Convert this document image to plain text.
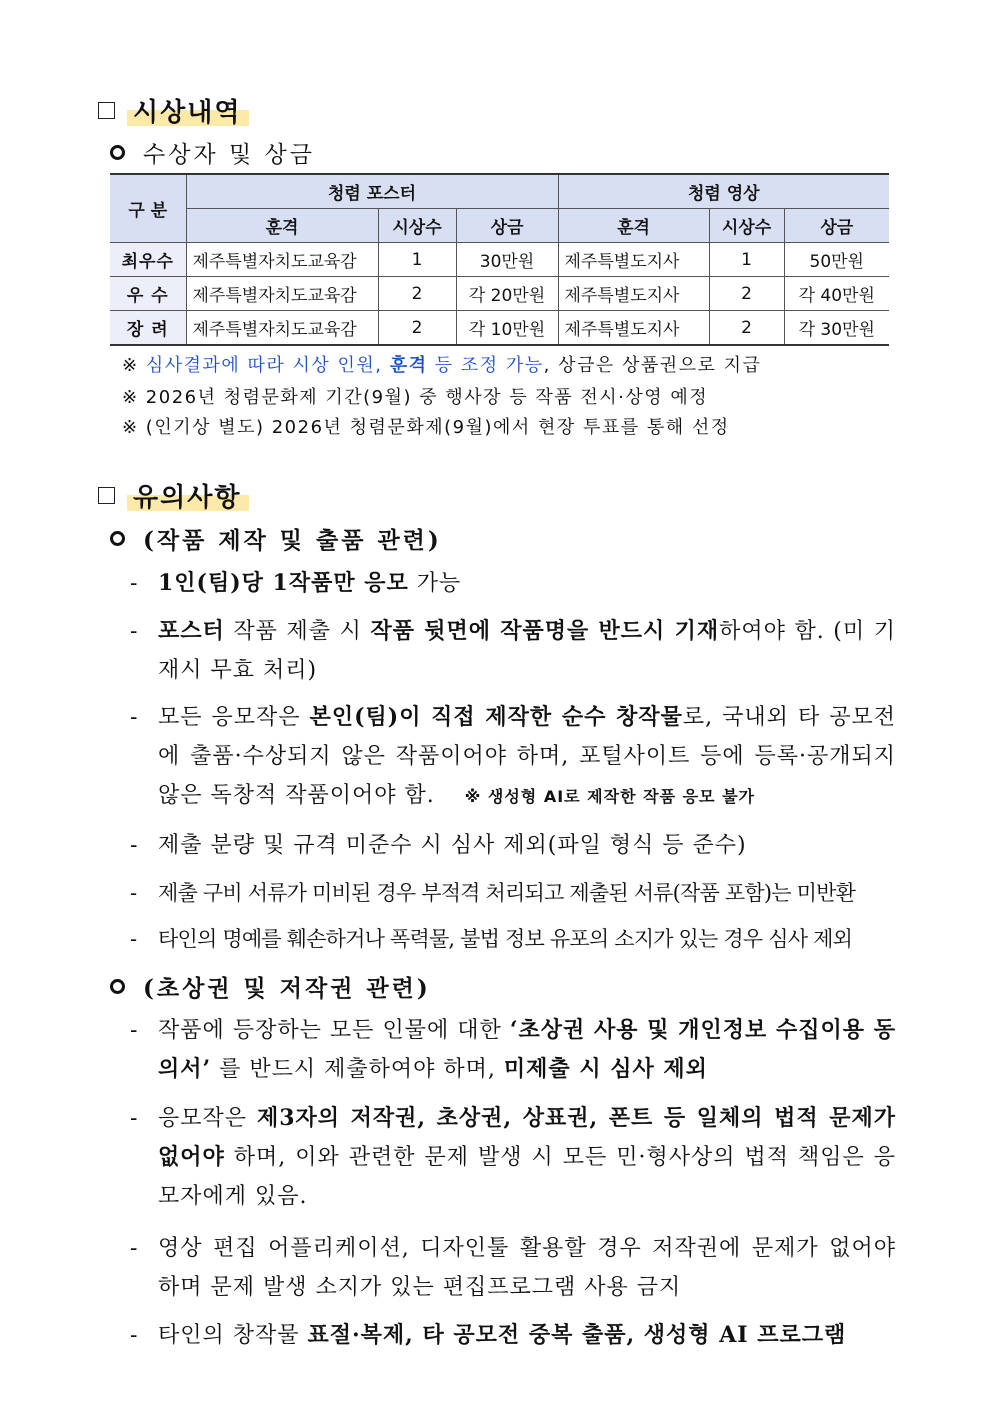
시상내역
수상자 및 상금
구 분	청렴 포스터			청렴 영상		
	훈격	시상수	상금	훈격	시상수	상금
최우수	제주특별자치도교육감	1	30만원	제주특별도지사	1	50만원
우 수	제주특별자치도교육감	2	각 20만원	제주특별도지사	2	각 40만원
장 려	제주특별자치도교육감	2	각 10만원	제주특별도지사	2	각 30만원
※ 심사결과에 따라 시상 인원, 훈격 등 조정 가능, 상금은 상품권으로 지급
※ 2026년 청렴문화제 기간(9월) 중 행사장 등 작품 전시·상영 예정
※ (인기상 별도) 2026년 청렴문화제(9월)에서 현장 투표를 통해 선정
유의사항
(작품 제작 및 출품 관련)
- 1인(팀)당 1작품만 응모 가능
- 포스터 작품 제출 시 작품 뒷면에 작품명을 반드시 기재하여야 함. (미 기재시 무효 처리)
- 모든 응모작은 본인(팀)이 직접 제작한 순수 창작물로, 국내외 타 공모전에 출품·수상되지 않은 작품이어야 하며, 포털사이트 등에 등록·공개되지 않은 독창적 작품이어야 함. ※ 생성형 AI로 제작한 작품 응모 불가
- 제출 분량 및 규격 미준수 시 심사 제외(파일 형식 등 준수)
- 제출 구비 서류가 미비된 경우 부적격 처리되고 제출된 서류(작품 포함)는 미반환
- 타인의 명예를 훼손하거나 폭력물, 불법 정보 유포의 소지가 있는 경우 심사 제외
(초상권 및 저작권 관련)
- 작품에 등장하는 모든 인물에 대한 ‘초상권 사용 및 개인정보 수집이용 동의서’ 를 반드시 제출하여야 하며, 미제출 시 심사 제외
- 응모작은 제3자의 저작권, 초상권, 상표권, 폰트 등 일체의 법적 문제가 없어야 하며, 이와 관련한 문제 발생 시 모든 민·형사상의 법적 책임은 응모자에게 있음.
- 영상 편집 어플리케이션, 디자인툴 활용할 경우 저작권에 문제가 없어야 하며 문제 발생 소지가 있는 편집프로그램 사용 금지
- 타인의 창작물 표절·복제, 타 공모전 중복 출품, 생성형 AI 프로그램
